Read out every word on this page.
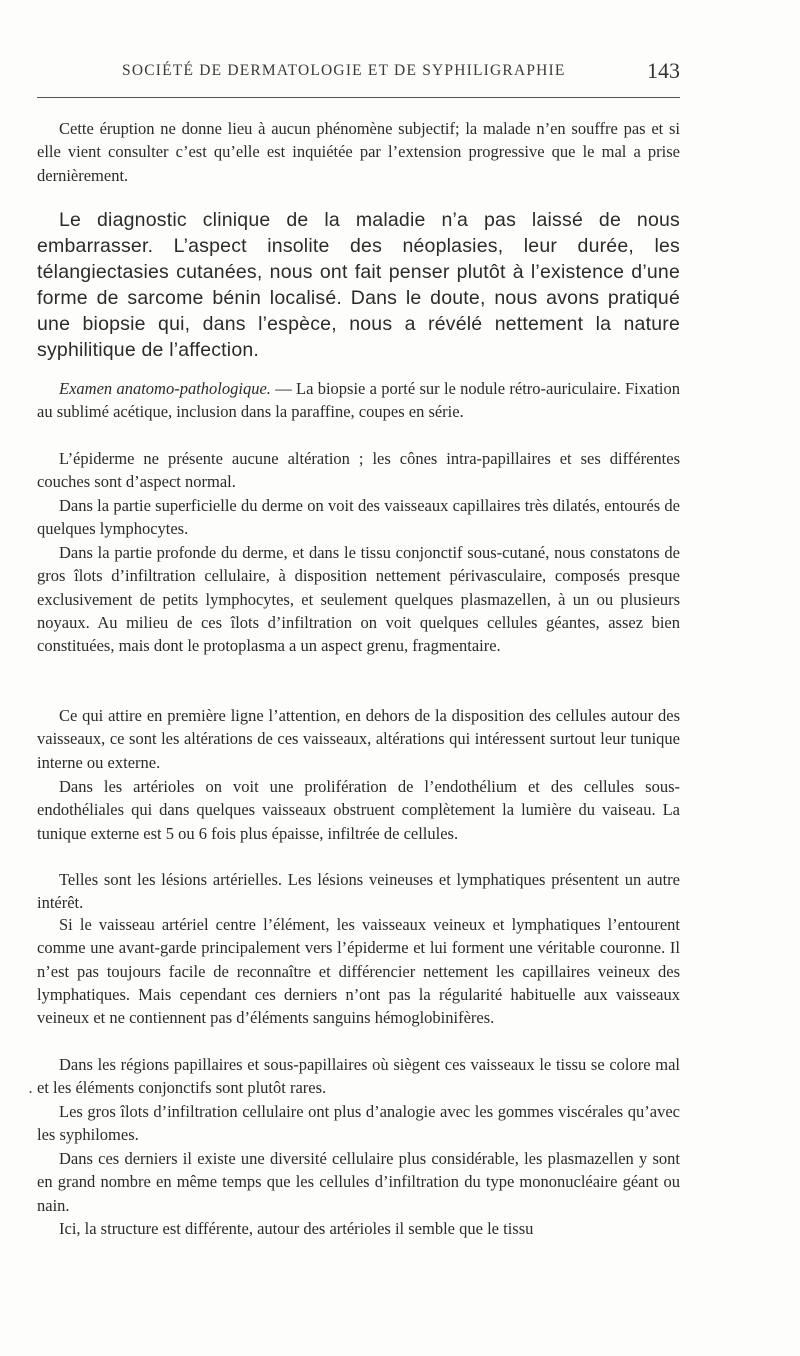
SOCIÉTÉ DE DERMATOLOGIE ET DE SYPHILIGRAPHIE	143

Cette éruption ne donne lieu à aucun phénomène subjectif; la malade n’en souffre pas et si elle vient consulter c’est qu’elle est inquiétée par l’extension progressive que le mal a prise dernièrement.

Le diagnostic clinique de la maladie n’a pas laissé de nous embarrasser. L’aspect insolite des néoplasies, leur durée, les télangiectasies cutanées, nous ont fait penser plutôt à l’existence d’une forme de sarcome bénin localisé. Dans le doute, nous avons pratiqué une biopsie qui, dans l’espèce, nous a révélé nettement la nature syphilitique de l’affection.

Examen anatomo-pathologique. — La biopsie a porté sur le nodule rétro-auriculaire. Fixation au sublimé acétique, inclusion dans la paraffine, coupes en série.

L’épiderme ne présente aucune altération ; les cônes intra-papillaires et ses différentes couches sont d’aspect normal.

Dans la partie superficielle du derme on voit des vaisseaux capillaires très dilatés, entourés de quelques lymphocytes.

Dans la partie profonde du derme, et dans le tissu conjonctif sous-cutané, nous constatons de gros îlots d’infiltration cellulaire, à disposition nettement périvasculaire, composés presque exclusivement de petits lymphocytes, et seulement quelques plasmazellen, à un ou plusieurs noyaux. Au milieu de ces îlots d’infiltration on voit quelques cellules géantes, assez bien constituées, mais dont le protoplasma a un aspect grenu, fragmentaire.

Ce qui attire en première ligne l’attention, en dehors de la disposition des cellules autour des vaisseaux, ce sont les altérations de ces vaisseaux, altérations qui intéressent surtout leur tunique interne ou externe.

Dans les artérioles on voit une prolifération de l’endothélium et des cellules sous-endothéliales qui dans quelques vaisseaux obstruent complètement la lumière du vaiseau. La tunique externe est 5 ou 6 fois plus épaisse, infiltrée de cellules.

Telles sont les lésions artérielles. Les lésions veineuses et lymphatiques présentent un autre intérêt.

Si le vaisseau artériel centre l’élément, les vaisseaux veineux et lymphatiques l’entourent comme une avant-garde principalement vers l’épiderme et lui forment une véritable couronne. Il n’est pas toujours facile de reconnaître et différencier nettement les capillaires veineux des lymphatiques. Mais cependant ces derniers n’ont pas la régularité habituelle aux vaisseaux veineux et ne contiennent pas d’éléments sanguins hémoglobinifères.

Dans les régions papillaires et sous-papillaires où siègent ces vaisseaux le tissu se colore mal et les éléments conjonctifs sont plutôt rares.

Les gros îlots d’infiltration cellulaire ont plus d’analogie avec les gommes viscérales qu’avec les syphilomes.

Dans ces derniers il existe une diversité cellulaire plus considérable, les plasmazellen y sont en grand nombre en même temps que les cellules d’infiltration du type mononucléaire géant ou nain.

Ici, la structure est différente, autour des artérioles il semble que le tissu

.
